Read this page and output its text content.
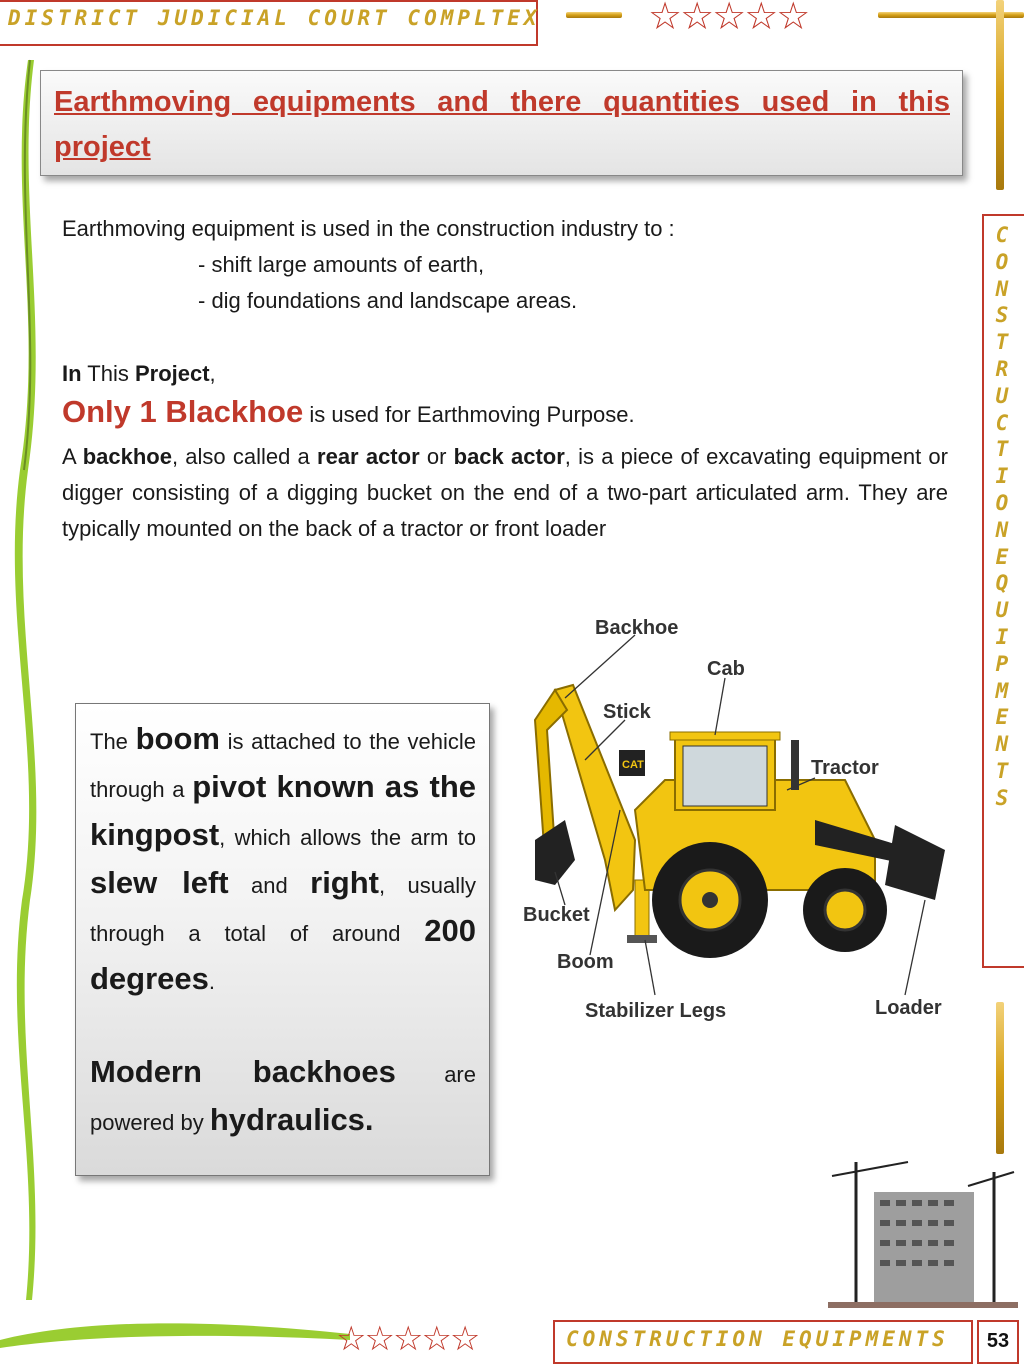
DISTRICT JUDICIAL COURT COMPLTEX	☆☆☆☆☆
Earthmoving equipments and there quantities used in this project
Earthmoving equipment is used in the construction industry to :
- shift large amounts of earth,
- dig foundations and landscape areas.
In This Project,
Only 1 Blackhoe is used for Earthmoving Purpose.
A backhoe, also called a rear actor or back actor, is a piece of excavating equipment or digger consisting of a digging bucket on the end of a two-part articulated arm. They are typically mounted on the back of a tractor or front loader
C
O
N
S
T
R
U
C
T
I
O
N
E
Q
U
I
P
M
E
N
T
S
The boom is attached to the vehicle through a pivot known as the kingpost, which allows the arm to slew left and right, usually through a total of around 200 degrees.
Modern backhoes are powered by hydraulics.
CAT
Backhoe
Cab
Stick
Tractor
Bucket
Boom
Stabilizer Legs	Loader
☆☆☆☆☆	CONSTRUCTION EQUIPMENTS	53
